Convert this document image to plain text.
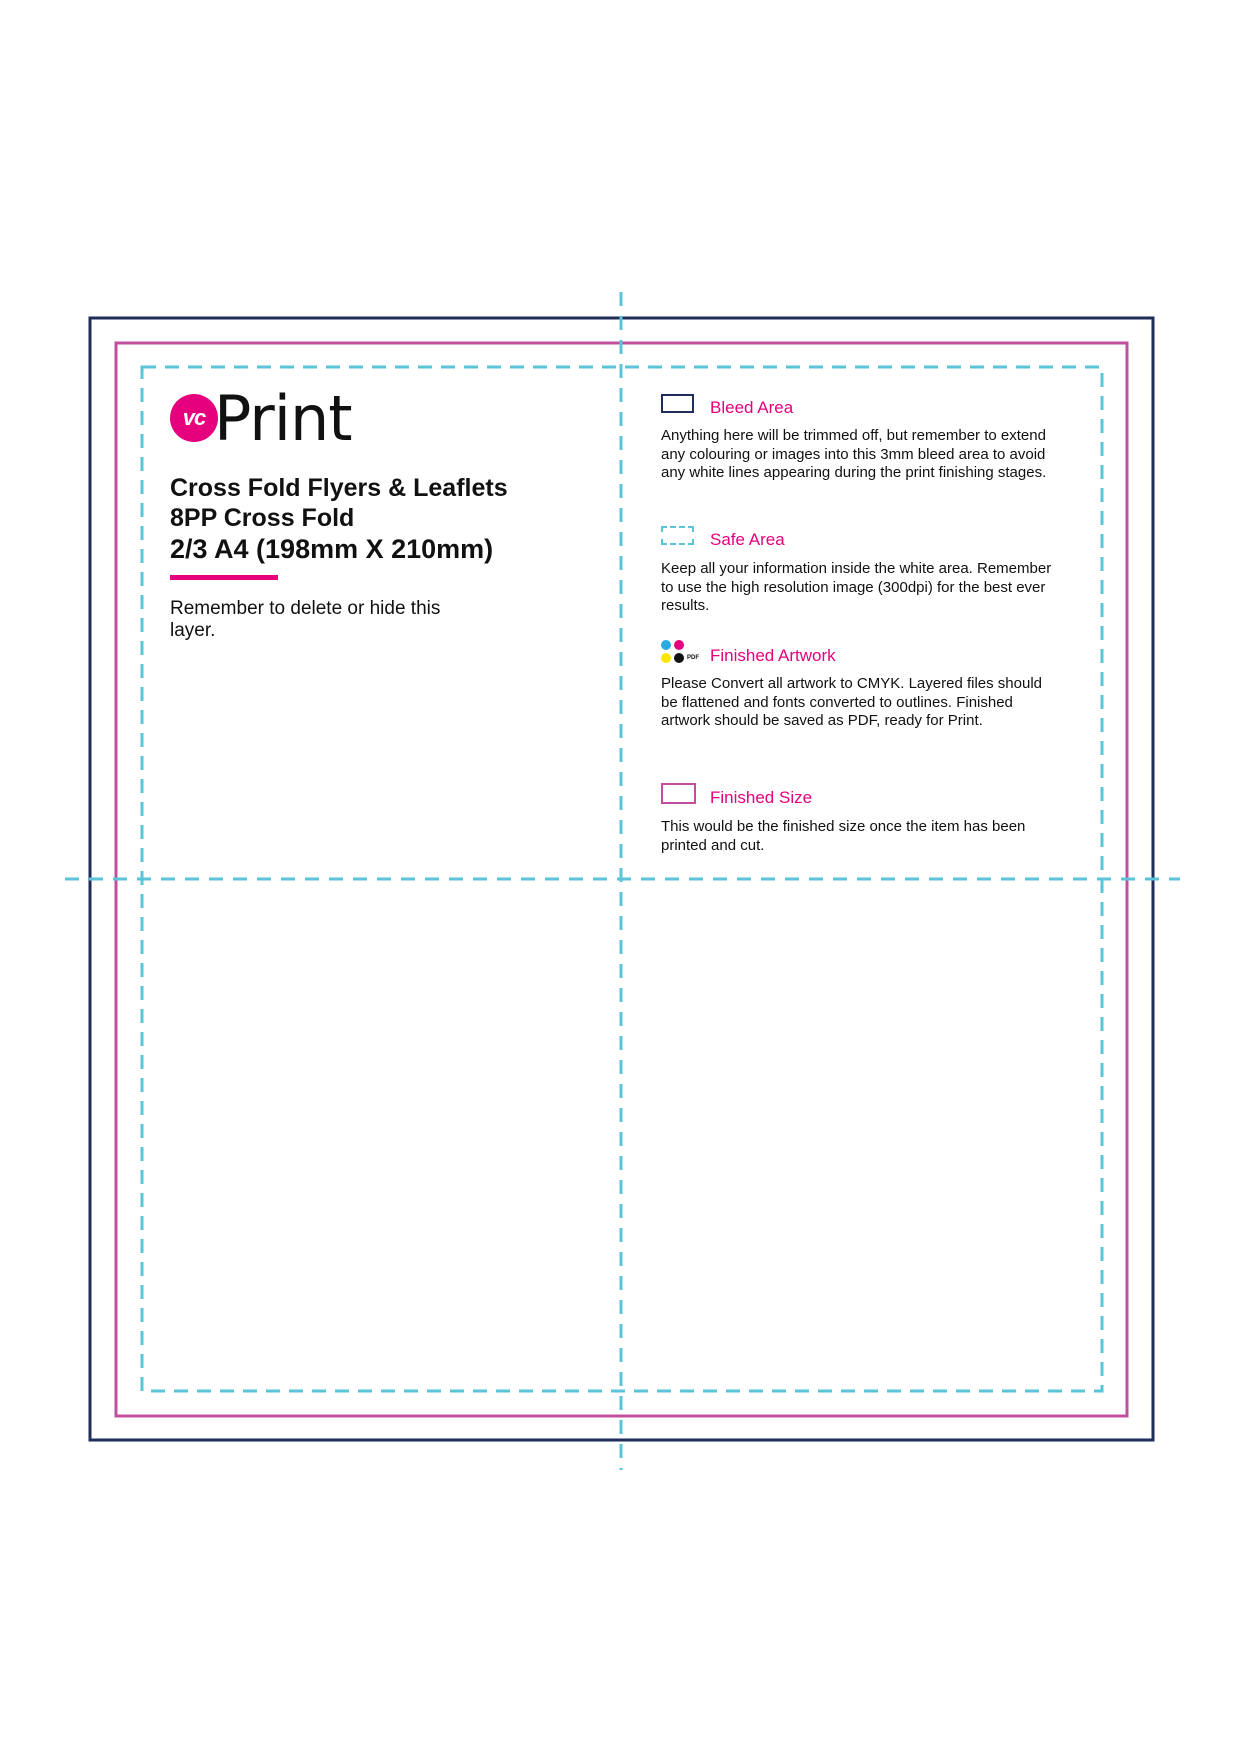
vc Print
Cross Fold Flyers & Leaflets
8PP Cross Fold
2/3 A4 (198mm X 210mm)
Remember to delete or hide this layer.
Bleed Area
Anything here will be trimmed off, but remember to extend any colouring or images into this 3mm bleed area to avoid any white lines appearing during the print finishing stages.
Safe Area
Keep all your information inside the white area. Remember to use the high resolution image (300dpi) for the best ever results.
PDF Finished Artwork
Please Convert all artwork to CMYK. Layered files should be flattened and fonts converted to outlines. Finished artwork should be saved as PDF, ready for Print.
Finished Size
This would be the finished size once the item has been printed and cut.
